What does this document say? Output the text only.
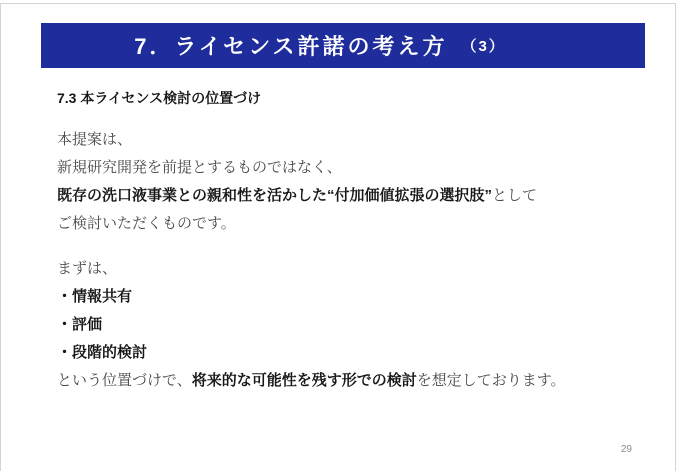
7．ライセンス許諾の考え方 （3）
7.3 本ライセンス検討の位置づけ
本提案は、
新規研究開発を前提とするものではなく、
既存の洗口液事業との親和性を活かした“付加価値拡張の選択肢”として
ご検討いただくものです。
まずは、
・情報共有
・評価
・段階的検討
という位置づけで、将来的な可能性を残す形での検討を想定しております。
29
